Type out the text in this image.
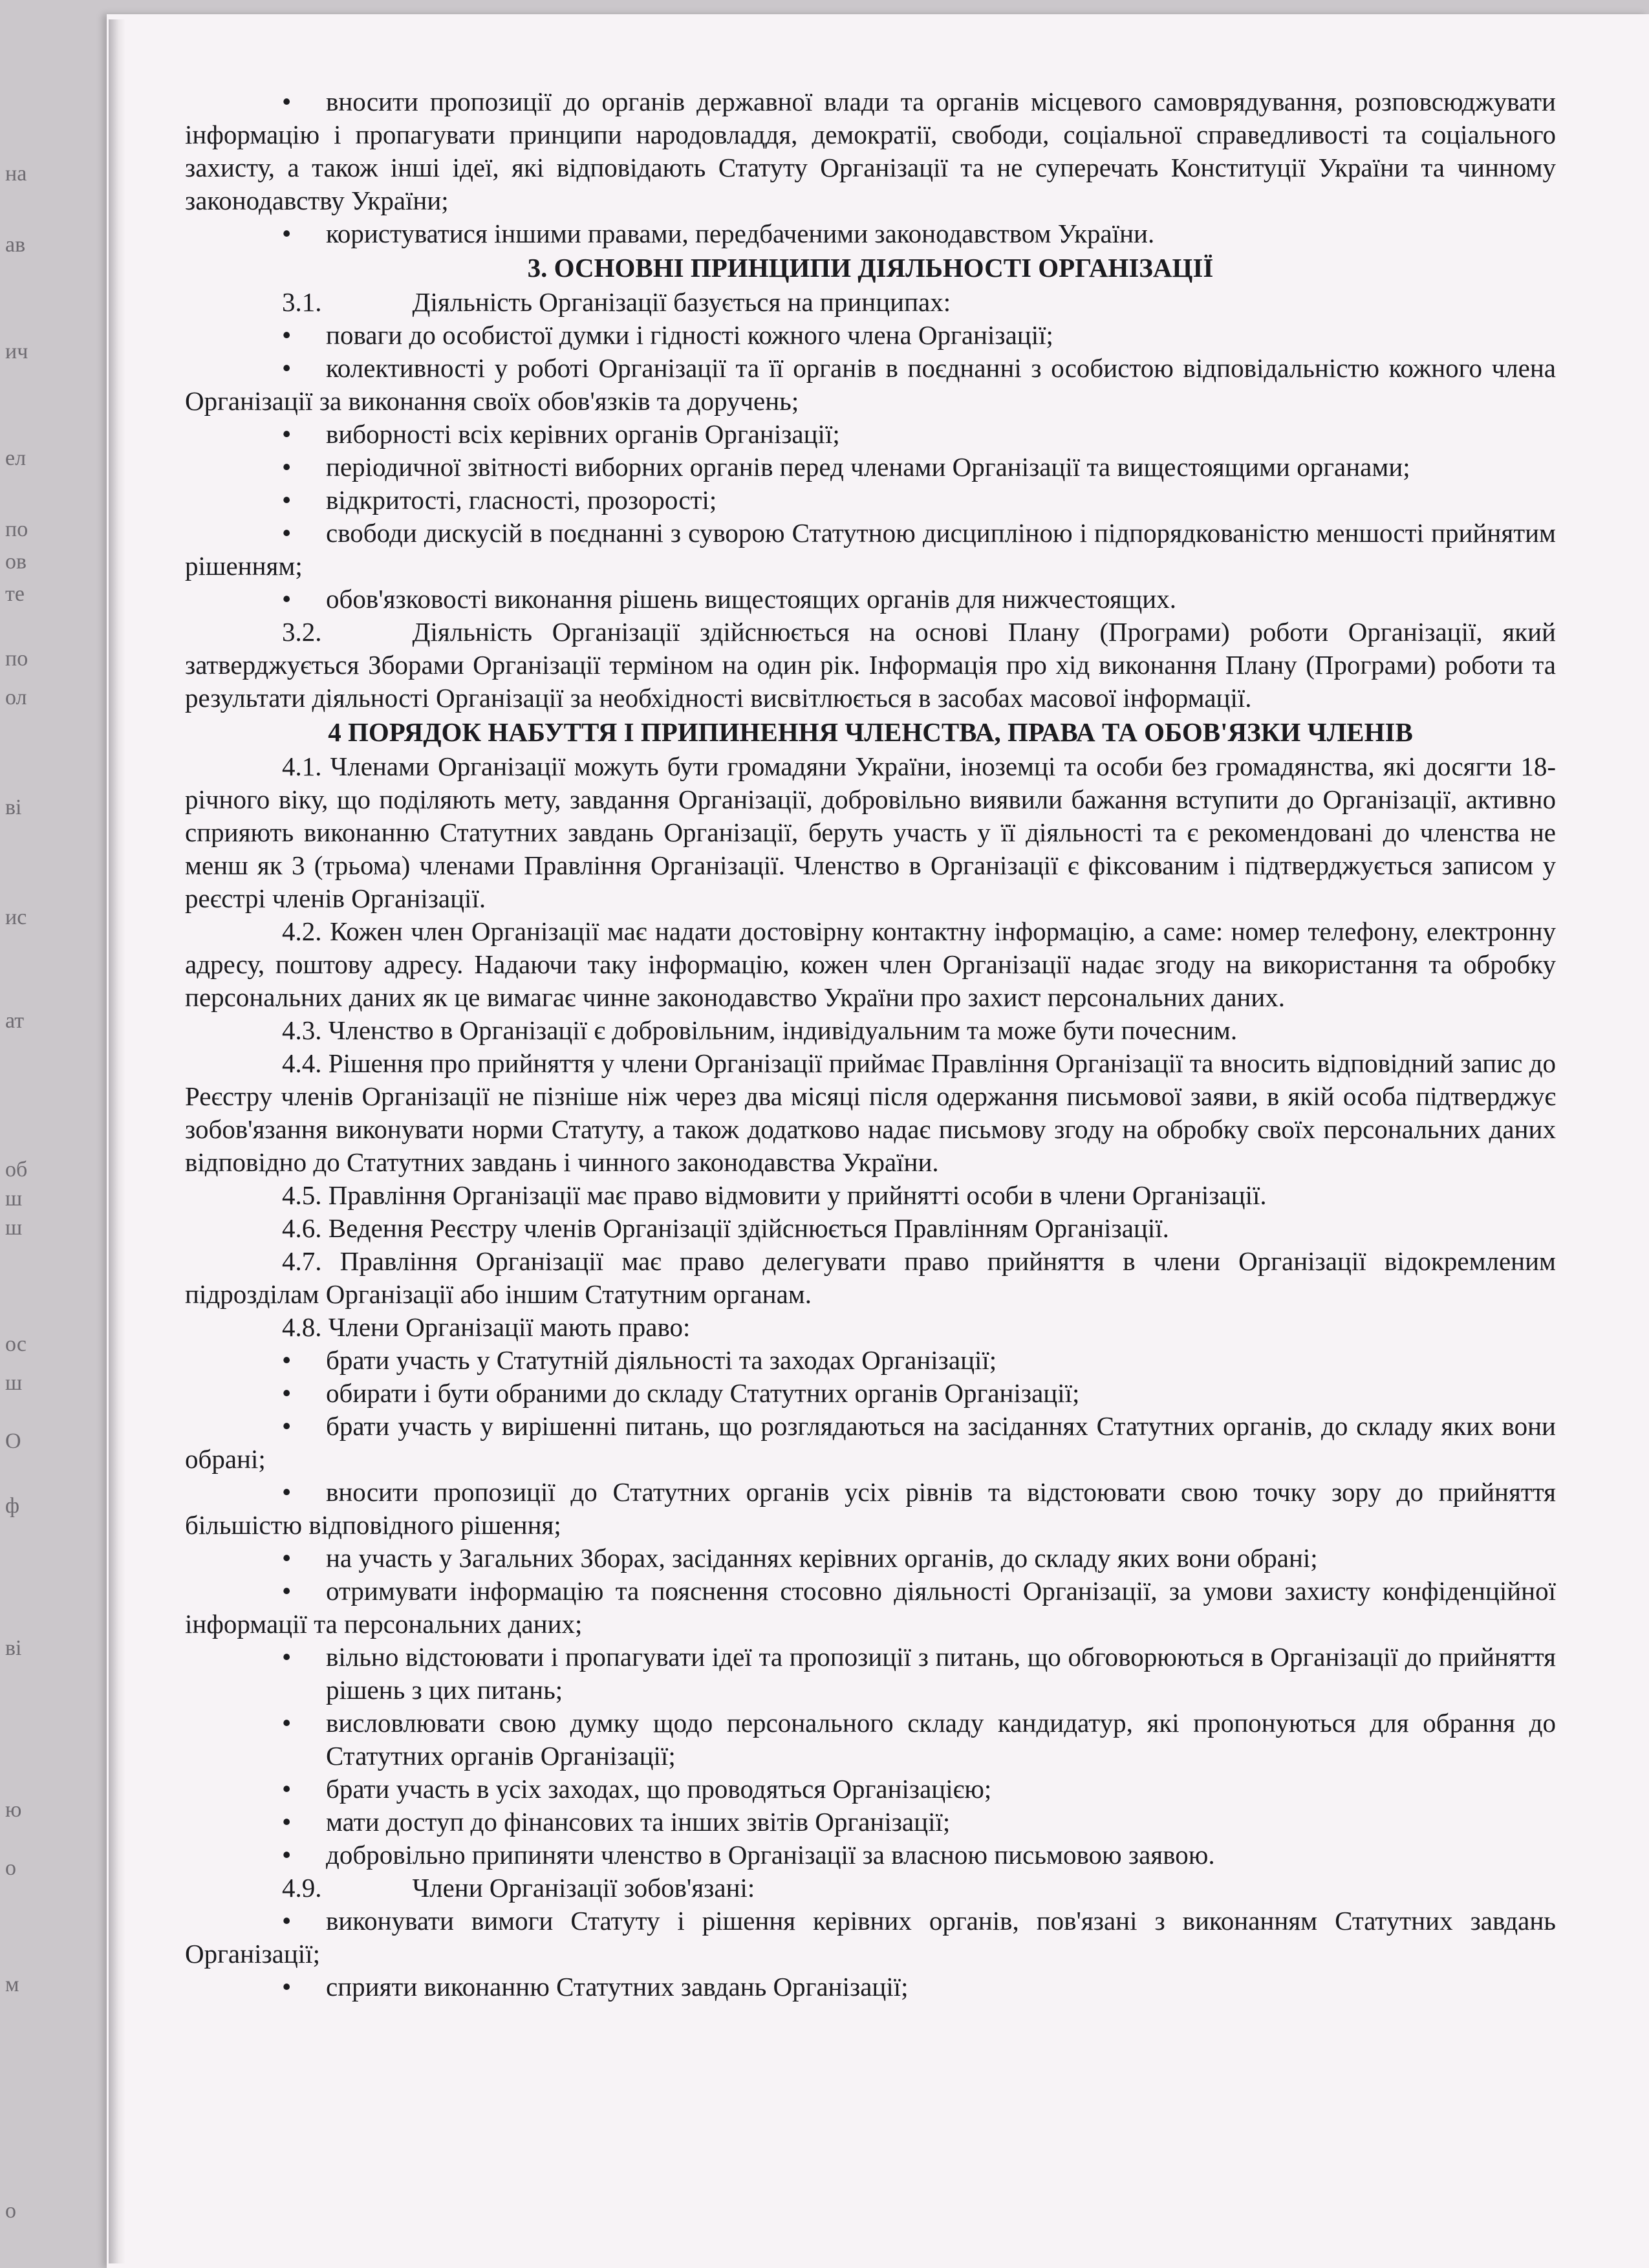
на
ав
ич
ел
по
ов
те
по
ол
ві
ис
ат
об
ш
ш
ос
ш
О
ф
ві
ю
о
м
о

• вносити пропозиції до органів державної влади та органів місцевого самоврядування, розповсюджувати інформацію і пропагувати принципи народовладдя, демократії, свободи, соціальної справедливості та соціального захисту, а також інші ідеї, які відповідають Статуту Організації та не суперечать Конституції України та чинному законодавству України;

• користуватися іншими правами, передбаченими законодавством України.

3. ОСНОВНІ ПРИНЦИПИ ДІЯЛЬНОСТІ ОРГАНІЗАЦІЇ

3.1.	Діяльність Організації базується на принципах:

• поваги до особистої думки і гідності кожного члена Організації;

• колективності у роботі Організації та її органів в поєднанні з особистою відповідальністю кожного члена Організації за виконання своїх обов'язків та доручень;

• виборності всіх керівних органів Організації;

• періодичної звітності виборних органів перед членами Організації та вищестоящими органами;

• відкритості, гласності, прозорості;

• свободи дискусій в поєднанні з суворою Статутною дисципліною і підпорядкованістю меншості прийнятим рішенням;

• обов'язковості виконання рішень вищестоящих органів для нижчестоящих.

3.2.	Діяльність Організації здійснюється на основі Плану (Програми) роботи Організації, який затверджується Зборами Організації терміном на один рік. Інформація про хід виконання Плану (Програми) роботи та результати діяльності Організації за необхідності висвітлюється в засобах масової інформації.

4 ПОРЯДОК НАБУТТЯ І ПРИПИНЕННЯ ЧЛЕНСТВА, ПРАВА ТА ОБОВ'ЯЗКИ ЧЛЕНІВ

4.1. Членами Організації можуть бути громадяни України, іноземці та особи без громадянства, які досягти 18-річного віку, що поділяють мету, завдання Організації, добровільно виявили бажання вступити до Організації, активно сприяють виконанню Статутних завдань Організації, беруть участь у її діяльності та є рекомендовані до членства не менш як 3 (трьома) членами Правління Організації. Членство в Організації є фіксованим і підтверджується записом у реєстрі членів Організації.

4.2. Кожен член Організації має надати достовірну контактну інформацію, а саме: номер телефону, електронну адресу, поштову адресу. Надаючи таку інформацію, кожен член Організації надає згоду на використання та обробку персональних даних як це вимагає чинне законодавство України про захист персональних даних.

4.3. Членство в Організації є добровільним, індивідуальним та може бути почесним.

4.4. Рішення про прийняття у члени Організації приймає Правління Організації та вносить відповідний запис до Реєстру членів Організації не пізніше ніж через два місяці після одержання письмової заяви, в якій особа підтверджує зобов'язання виконувати норми Статуту, а також додатково надає письмову згоду на обробку своїх персональних даних відповідно до Статутних завдань і чинного законодавства України.

4.5. Правління Організації має право відмовити у прийнятті особи в члени Організації.

4.6. Ведення Реєстру членів Організації здійснюється Правлінням Організації.

4.7. Правління Організації має право делегувати право прийняття в члени Організації відокремленим підрозділам Організації або іншим Статутним органам.

4.8. Члени Організації мають право:

• брати участь у Статутній діяльності та заходах Організації;

• обирати і бути обраними до складу Статутних органів Організації;

• брати участь у вирішенні питань, що розглядаються на засіданнях Статутних органів, до складу яких вони обрані;

• вносити пропозиції до Статутних органів усіх рівнів та відстоювати свою точку зору до прийняття більшістю відповідного рішення;

• на участь у Загальних Зборах, засіданнях керівних органів, до складу яких вони обрані;

• отримувати інформацію та пояснення стосовно діяльності Організації, за умови захисту конфіденційної інформації та персональних даних;

• вільно відстоювати і пропагувати ідеї та пропозиції з питань, що обговорюються в Організації до прийняття рішень з цих питань;

• висловлювати свою думку щодо персонального складу кандидатур, які пропонуються для обрання до Статутних органів Організації;

• брати участь в усіх заходах, що проводяться Організацією;

• мати доступ до фінансових та інших звітів Організації;

• добровільно припиняти членство в Організації за власною письмовою заявою.

4.9.	Члени Організації зобов'язані:

• виконувати вимоги Статуту і рішення керівних органів, пов'язані з виконанням Статутних завдань Організації;

• сприяти виконанню Статутних завдань Організації;
